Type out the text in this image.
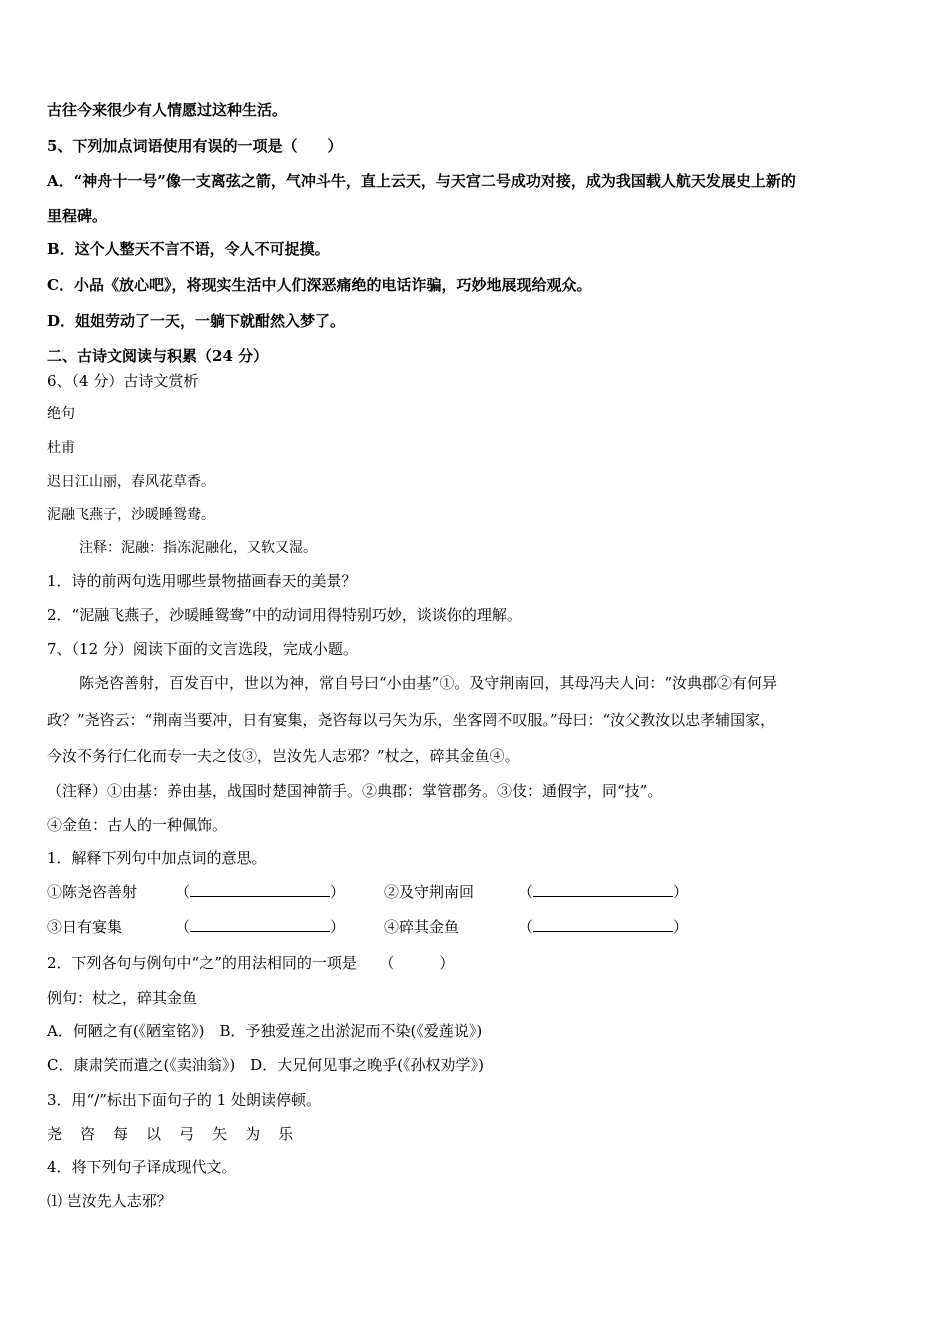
古往今来很少有人情愿过这种生活。
5、下列加点词语使用有误的一项是（　　）
A．“神舟十一号”像一支离弦之箭，气冲斗牛，直上云天，与天宫二号成功对接，成为我国载人航天发展史上新的
里程碑。
B．这个人整天不言不语，令人不可捉摸。
C．小品《放心吧》，将现实生活中人们深恶痛绝的电话诈骗，巧妙地展现给观众。
D．姐姐劳动了一天，一躺下就酣然入梦了。
二、古诗文阅读与积累（24 分）
6、（4 分）古诗文赏析
绝句
杜甫
迟日江山丽，春风花草香。
泥融飞燕子，沙暖睡鸳鸯。
注释：泥融：指冻泥融化，又软又湿。
1．诗的前两句选用哪些景物描画春天的美景？
2．“泥融飞燕子，沙暖睡鸳鸯”中的动词用得特别巧妙，谈谈你的理解。
7、（12 分）阅读下面的文言选段，完成小题。
陈尧咨善射，百发百中，世以为神，常自号曰“小由基”①。及守荆南回，其母冯夫人问：“汝典郡②有何异
政？”尧咨云：“荆南当要冲，日有宴集，尧咨每以弓矢为乐，坐客罔不叹服。”母曰：“汝父教汝以忠孝辅国家，
今汝不务行仁化而专一夫之伎③，岂汝先人志邪？”杖之，碎其金鱼④。
（注释）①由基：养由基，战国时楚国神箭手。②典郡：掌管郡务。③伎：通假字，同“技”。
④金鱼：古人的一种佩饰。
1．解释下列句中加点词的意思。
①陈尧咨善射	（	）	②及守荆南回	（	）
③日有宴集	（	）	④碎其金鱼	（	）
2．下列各句与例句中“之”的用法相同的一项是　　（　　　）
例句：杖之，碎其金鱼
A．何陋之有(《陋室铭》)　B．予独爱莲之出淤泥而不染(《爱莲说》)
C．康肃笑而遣之(《卖油翁》)　D．大兄何见事之晚乎(《孙权劝学》)
3．用“/”标出下面句子的 1 处朗读停顿。
尧 咨 每 以 弓 矢 为 乐
4．将下列句子译成现代文。
⑴ 岂汝先人志邪？
